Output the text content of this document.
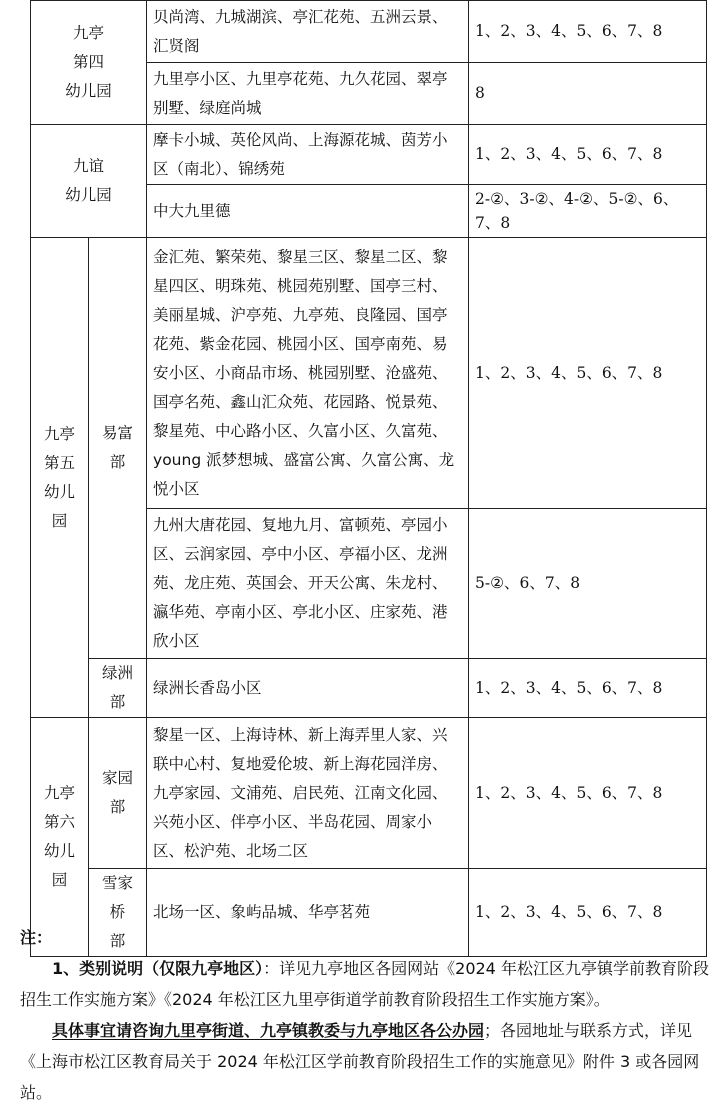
九亭
第四
幼儿园		贝尚湾、九城湖滨、亭汇花苑、五洲云景、汇贤阁	1、2、3、4、5、6、7、8
		九里亭小区、九里亭花苑、九久花园、翠亭别墅、绿庭尚城	8

九谊
幼儿园		摩卡小城、英伦风尚、上海源花城、茵芳小区（南北）、锦绣苑	1、2、3、4、5、6、7、8
		中大九里德	2-②、3-②、4-②、5-②、6、7、8

九亭
第五
幼儿园	易富部	金汇苑、繁荣苑、黎星三区、黎星二区、黎星四区、明珠苑、桃园苑别墅、国亭三村、美丽星城、沪亭苑、九亭苑、良隆园、国亭花苑、紫金花园、桃园小区、国亭南苑、易安小区、小商品市场、桃园别墅、沧盛苑、国亭名苑、鑫山汇众苑、花园路、悦景苑、黎星苑、中心路小区、久富小区、久富苑、young 派梦想城、盛富公寓、久富公寓、龙悦小区	1、2、3、4、5、6、7、8
		九州大唐花园、复地九月、富顿苑、亭园小区、云润家园、亭中小区、亭福小区、龙洲苑、龙庄苑、英国会、开天公寓、朱龙村、瀛华苑、亭南小区、亭北小区、庄家苑、港欣小区	5-②、6、7、8

	绿洲部	绿洲长香岛小区	1、2、3、4、5、6、7、8

九亭
第六
幼儿园	家园部	黎星一区、上海诗林、新上海弄里人家、兴联中心村、复地爱伦坡、新上海花园洋房、九亭家园、文浦苑、启民苑、江南文化园、兴苑小区、伴亭小区、半岛花园、周家小区、松沪苑、北场二区	1、2、3、4、5、6、7、8

	雪家桥
部	北场一区、象屿品城、华亭茗苑	1、2、3、4、5、6、7、8

注：

1、类别说明（仅限九亭地区）：详见九亭地区各园网站《2024 年松江区九亭镇学前教育阶段招生工作实施方案》《2024 年松江区九里亭街道学前教育阶段招生工作实施方案》。

具体事宜请咨询九里亭街道、九亭镇教委与九亭地区各公办园；各园地址与联系方式，详见《上海市松江区教育局关于 2024 年松江区学前教育阶段招生工作的实施意见》附件 3 或各园网站。
